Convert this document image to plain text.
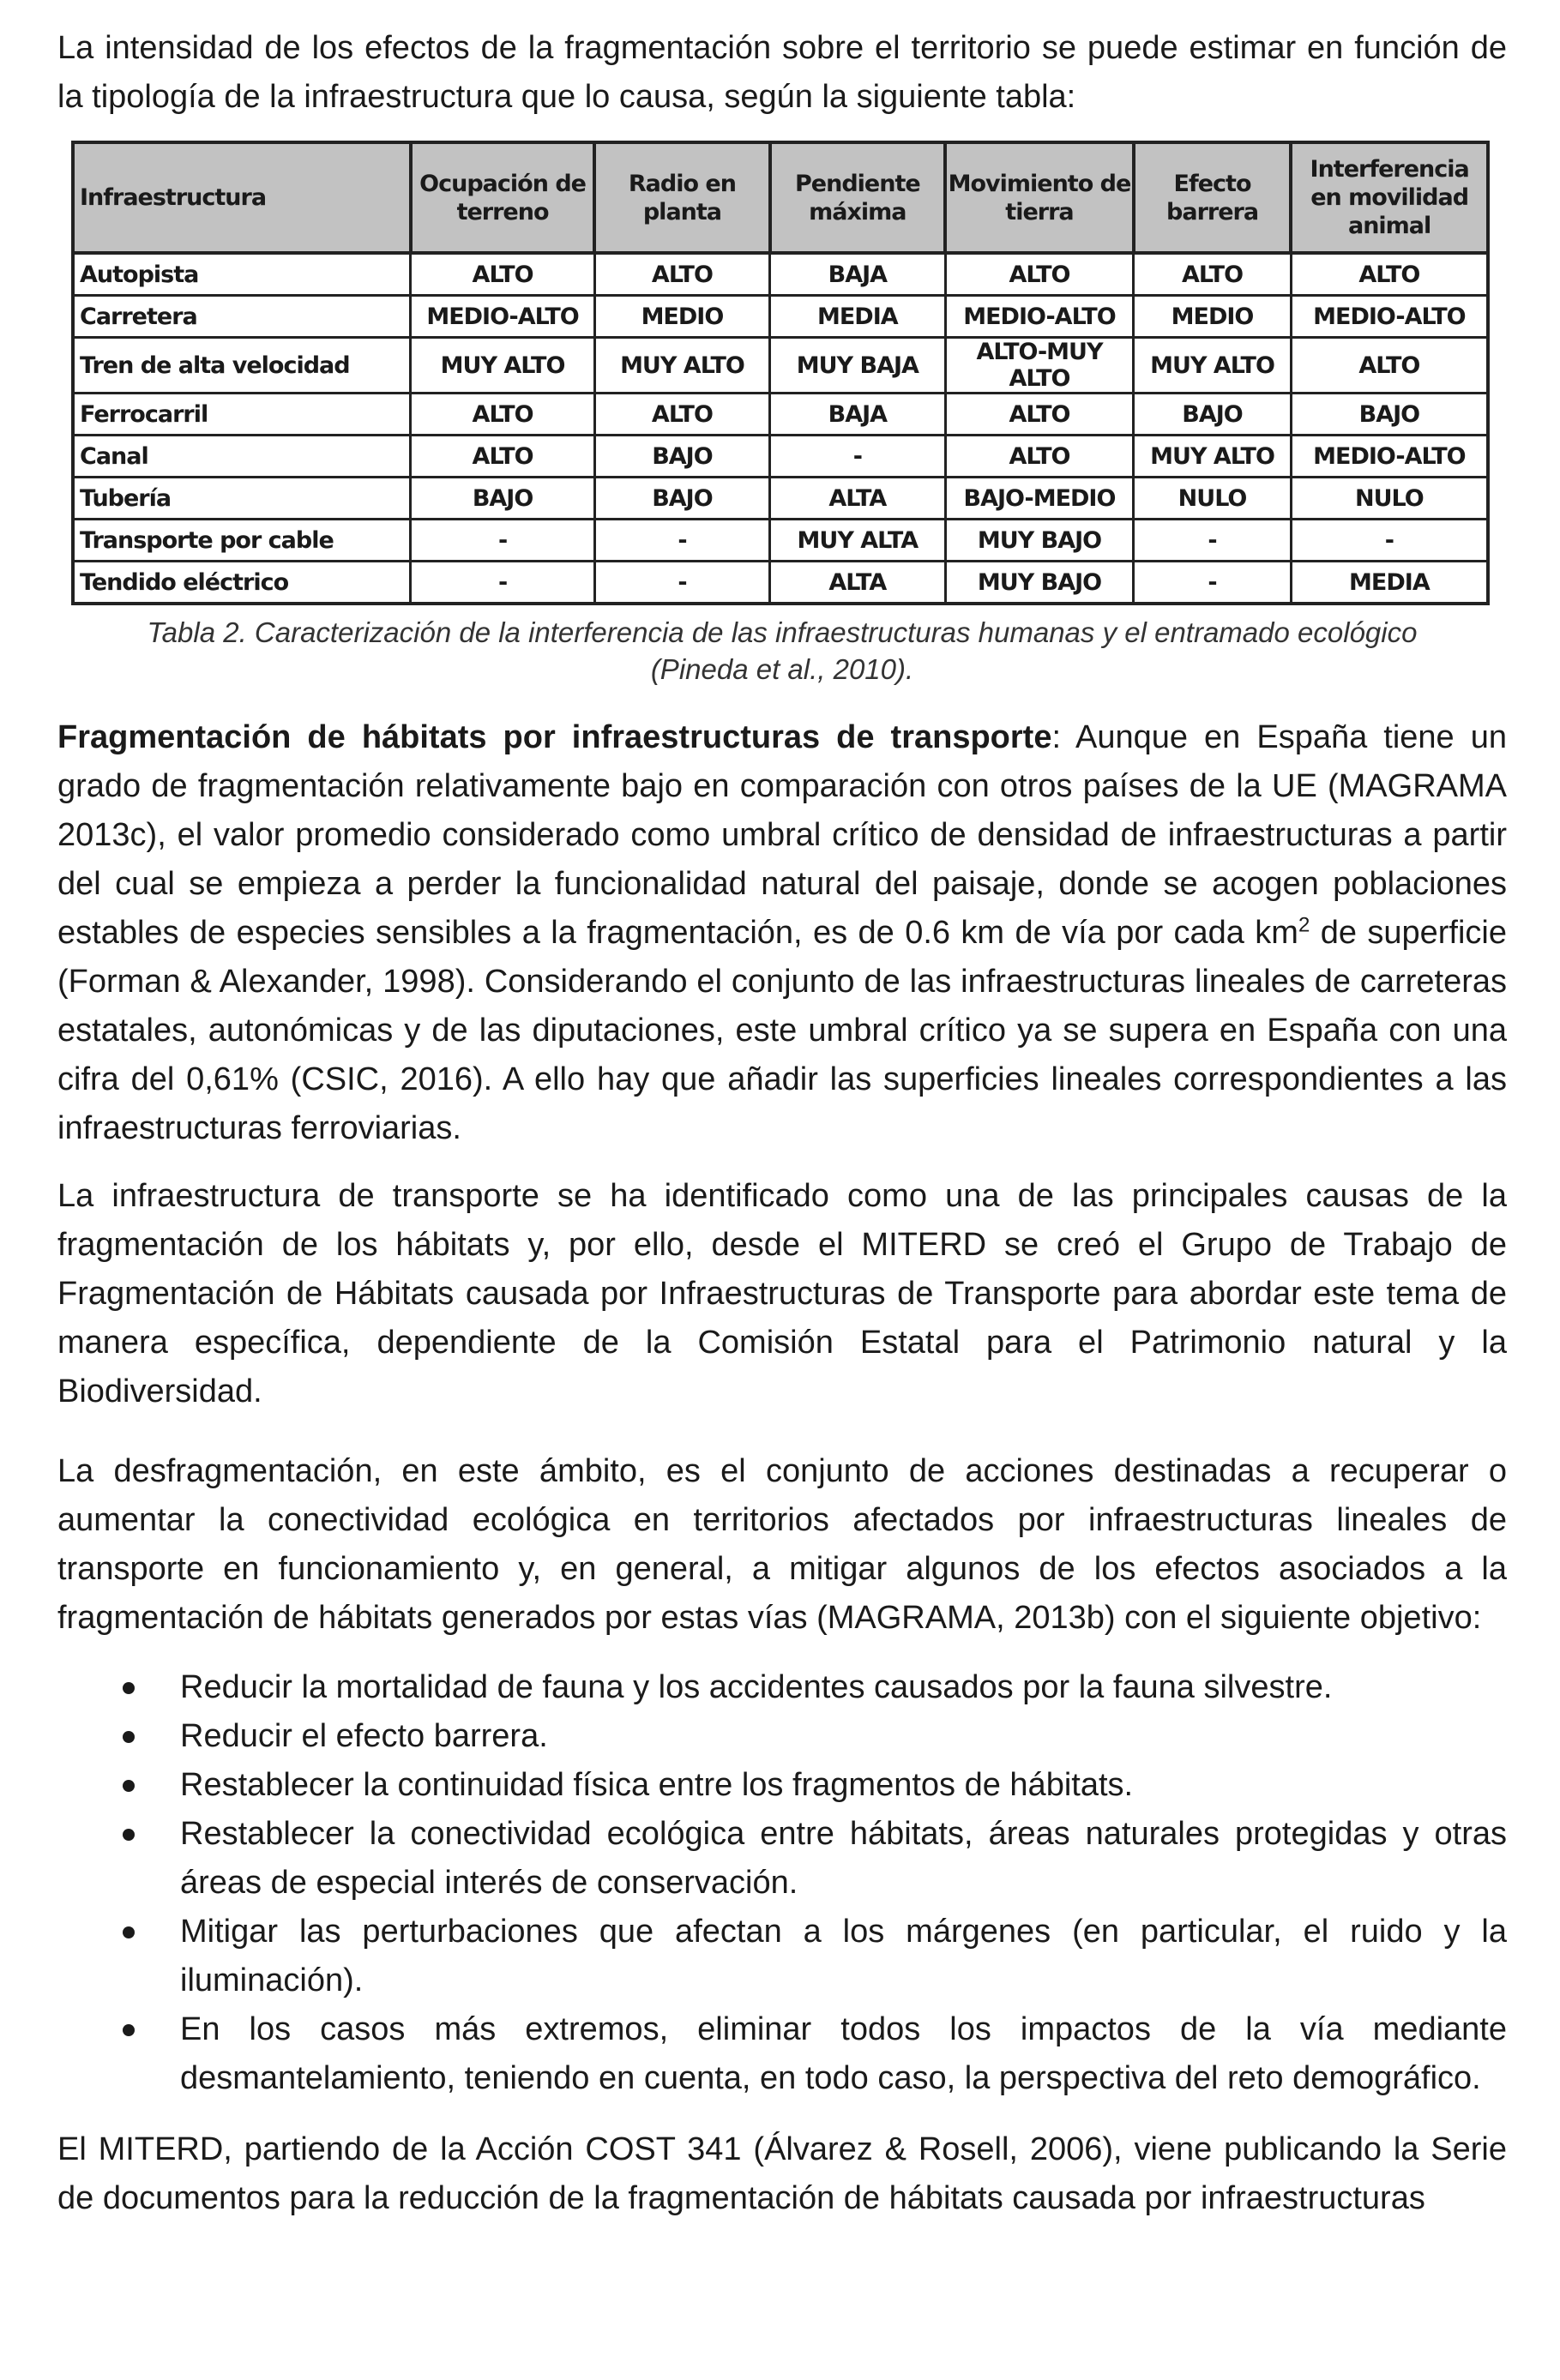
La intensidad de los efectos de la fragmentación sobre el territorio se puede estimar en función de la tipología de la infraestructura que lo causa, según la siguiente tabla:

Infraestructura	Ocupación de terreno	Radio en planta	Pendiente máxima	Movimiento de tierra	Efecto barrera	Interferencia en movilidad animal
Autopista	ALTO	ALTO	BAJA	ALTO	ALTO	ALTO
Carretera	MEDIO-ALTO	MEDIO	MEDIA	MEDIO-ALTO	MEDIO	MEDIO-ALTO
Tren de alta velocidad	MUY ALTO	MUY ALTO	MUY BAJA	ALTO-MUY ALTO	MUY ALTO	ALTO
Ferrocarril	ALTO	ALTO	BAJA	ALTO	BAJO	BAJO
Canal	ALTO	BAJO	-	ALTO	MUY ALTO	MEDIO-ALTO
Tubería	BAJO	BAJO	ALTA	BAJO-MEDIO	NULO	NULO
Transporte por cable	-	-	MUY ALTA	MUY BAJO	-	-
Tendido eléctrico	-	-	ALTA	MUY BAJO	-	MEDIA
Tabla 2. Caracterización de la interferencia de las infraestructuras humanas y el entramado ecológico
(Pineda et al., 2010).

Fragmentación de hábitats por infraestructuras de transporte: Aunque en España tiene un grado de fragmentación relativamente bajo en comparación con otros países de la UE (MAGRAMA 2013c), el valor promedio considerado como umbral crítico de densidad de infraestructuras a partir del cual se empieza a perder la funcionalidad natural del paisaje, donde se acogen poblaciones estables de especies sensibles a la fragmentación, es de 0.6 km de vía por cada $km^2$ de superficie (Forman & Alexander, 1998). Considerando el conjunto de las infraestructuras lineales de carreteras estatales, autonómicas y de las diputaciones, este umbral crítico ya se supera en España con una cifra del 0,61% (CSIC, 2016). A ello hay que añadir las superficies lineales correspondientes a las infraestructuras ferroviarias.

La infraestructura de transporte se ha identificado como una de las principales causas de la fragmentación de los hábitats y, por ello, desde el MITERD se creó el Grupo de Trabajo de Fragmentación de Hábitats causada por Infraestructuras de Transporte para abordar este tema de manera específica, dependiente de la Comisión Estatal para el Patrimonio natural y la Biodiversidad.

La desfragmentación, en este ámbito, es el conjunto de acciones destinadas a recuperar o aumentar la conectividad ecológica en territorios afectados por infraestructuras lineales de transporte en funcionamiento y, en general, a mitigar algunos de los efectos asociados a la fragmentación de hábitats generados por estas vías (MAGRAMA, 2013b) con el siguiente objetivo:

Reducir la mortalidad de fauna y los accidentes causados por la fauna silvestre.
Reducir el efecto barrera.
Restablecer la continuidad física entre los fragmentos de hábitats.
Restablecer la conectividad ecológica entre hábitats, áreas naturales protegidas y otras áreas de especial interés de conservación.
Mitigar las perturbaciones que afectan a los márgenes (en particular, el ruido y la iluminación).
En los casos más extremos, eliminar todos los impactos de la vía mediante desmantelamiento, teniendo en cuenta, en todo caso, la perspectiva del reto demográfico.

El MITERD, partiendo de la Acción COST 341 (Álvarez & Rosell, 2006), viene publicando la Serie de documentos para la reducción de la fragmentación de hábitats causada por infraestructuras
